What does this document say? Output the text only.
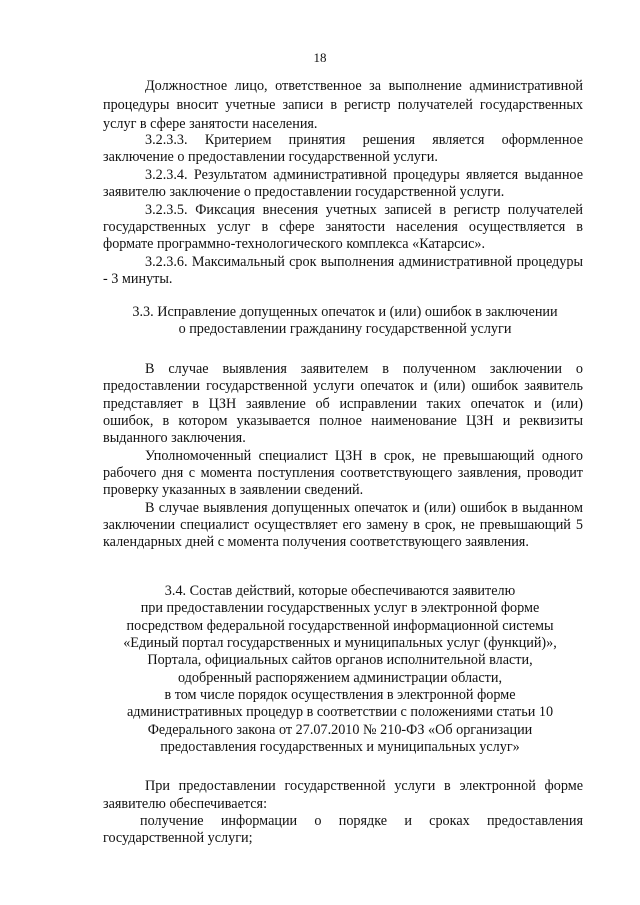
18
Должностное лицо, ответственное за выполнение административной
процедуры вносит учетные записи в регистр получателей государственных
услуг в сфере занятости населения.
3.2.3.3. Критерием принятия решения является оформленное
заключение о предоставлении государственной услуги.
3.2.3.4. Результатом административной процедуры является выданное
заявителю заключение о предоставлении государственной услуги.
3.2.3.5. Фиксация внесения учетных записей в регистр получателей
государственных услуг в сфере занятости населения осуществляется в
формате программно-технологического комплекса «Катарсис».
3.2.3.6. Максимальный срок выполнения административной процедуры
- 3 минуты.
3.3. Исправление допущенных опечаток и (или) ошибок в заключении
о предоставлении гражданину государственной услуги
В случае выявления заявителем в полученном заключении о
предоставлении государственной услуги опечаток и (или) ошибок заявитель
представляет в ЦЗН заявление об исправлении таких опечаток и (или)
ошибок, в котором указывается полное наименование ЦЗН и реквизиты
выданного заключения.
Уполномоченный специалист ЦЗН в срок, не превышающий одного
рабочего дня с момента поступления соответствующего заявления, проводит
проверку указанных в заявлении сведений.
В случае выявления допущенных опечаток и (или) ошибок в выданном
заключении специалист осуществляет его замену в срок, не превышающий 5
календарных дней с момента получения соответствующего заявления.
3.4. Состав действий, которые обеспечиваются заявителю
при предоставлении государственных услуг в электронной форме
посредством федеральной государственной информационной системы
«Единый портал государственных и муниципальных услуг (функций)»,
Портала, официальных сайтов органов исполнительной власти,
одобренный распоряжением администрации области,
в том числе порядок осуществления в электронной форме
административных процедур в соответствии с положениями статьи 10
Федерального закона от 27.07.2010 № 210-ФЗ «Об организации
предоставления государственных и муниципальных услуг»
При предоставлении государственной услуги в электронной форме
заявителю обеспечивается:
получение информации о порядке и сроках предоставления
государственной услуги;
